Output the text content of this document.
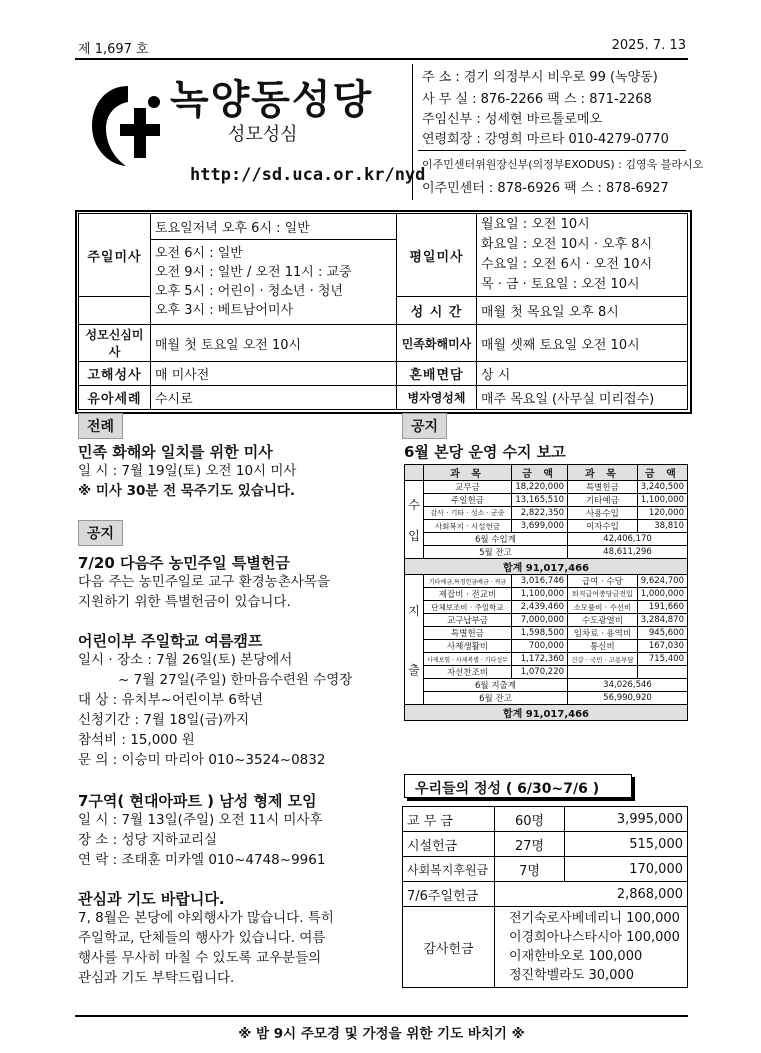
제 1,697 호	2025. 7. 13
녹양동성당
성모성심
http://sd.uca.or.kr/nyd
주 소 : 경기 의정부시 비우로 99 (녹양동)
사 무 실 : 876-2266 팩 스 : 871-2268
주임신부 : 성세현 바르톨로메오
연령회장 : 강영희 마르타 010-4279-0770
이주민센터위원장신부(의정부EXODUS) : 김영욱 블라시오
이주민센터 : 878-6926 팩 스 : 878-6927
주일미사	토요일저녁 오후 6시 : 일반	평일미사	월요일 : 오전 10시
화요일 : 오전 10시 · 오후 8시
수요일 : 오전 6시 · 오전 10시
목 · 금 · 토요일 : 오전 10시

	오전 6시 : 일반
오전 9시 : 일반 / 오전 11시 : 교중
오후 5시 : 어린이 · 청소년 · 청년
오후 3시 : 베트남어미사		

		성 시 간	매월 첫 목요일 오후 8시
성모신심미사	매월 첫 토요일 오전 10시	민족화해미사	매월 셋째 토요일 오전 10시
고해성사	매 미사전	혼배면담	상 시
유아세례	수시로	병자영성체	매주 목요일 (사무실 미리접수)
전례
민족 화해와 일치를 위한 미사
일 시 : 7월 19일(토) 오전 10시 미사
※ 미사 30분 전 묵주기도 있습니다.
공지
7/20 다음주 농민주일 특별헌금
다음 주는 농민주일로 교구 환경농촌사목을
지원하기 위한 특별헌금이 있습니다.
어린이부 주일학교 여름캠프
일시 · 장소 : 7월 26일(토) 본당에서
~ 7월 27일(주일) 한마음수련원 수영장
대 상 : 유치부~어린이부 6학년
신청기간 : 7월 18일(금)까지
참석비 : 15,000 원
문 의 : 이승미 마리아 010~3524~0832
7구역( 현대아파트 ) 남성 형제 모임
일 시 : 7월 13일(주일) 오전 11시 미사후
장 소 : 성당 지하교리실
연 락 : 조태훈 미카엘 010~4748~9961
관심과 기도 바랍니다.
7, 8월은 본당에 야외행사가 많습니다. 특히
주일학교, 단체들의 행사가 있습니다. 여름
행사를 무사히 마칠 수 있도록 교우분들의
관심과 기도 부탁드립니다.
공지
6월 본당 운영 수지 보고
	과 목	금 액	과 목	금 액

수

입	교무금	18,220,000	특별헌금	3,240,500
	주일헌금	13,165,510	기타예금	1,100,000
	감사 · 기타 · 성소 · 군종	2,822,350	사용수입	120,000
	사회복지 · 시설헌금	3,699,000	이자수입	38,810
	6월 수입계		42,406,170	
	5월 잔고		48,611,296	
합계 91,017,466				

지

출	기타예금,특정헌금예금 · 적금	3,016,746	급여 · 수당	9,624,700
	제잡비 · 전교비	1,100,000	퇴직급여충당금전입	1,000,000
	단체보조비 · 주일학교	2,439,460	소모품비 · 수선비	191,660
	교구납부금	7,000,000	수도광열비	3,284,870
	특별헌금	1,598,500	임차료 · 용역비	945,600
	사제생활비	700,000	통신비	167,030
	사제보험 · 사제복별 · 기타성무	1,172,360	건강 · 국민 · 고용부담	715,400
	자선찬조비	1,070,220		
	6월 지출계		34,026,546	
	6월 잔고		56,990,920	
합계 91,017,466				
우리들의 정성 ( 6/30~7/6 )
교 무 금	60명	3,995,000
시설헌금	27명	515,000
사회복지후원금	7명	170,000
7/6주일헌금	2,868,000	
감사헌금	전기숙로사베네리니 100,000
이경희아나스타시아 100,000
이재한바오로 100,000
정진학벨라도 30,000	
※ 밤 9시 주모경 및 가정을 위한 기도 바치기 ※
